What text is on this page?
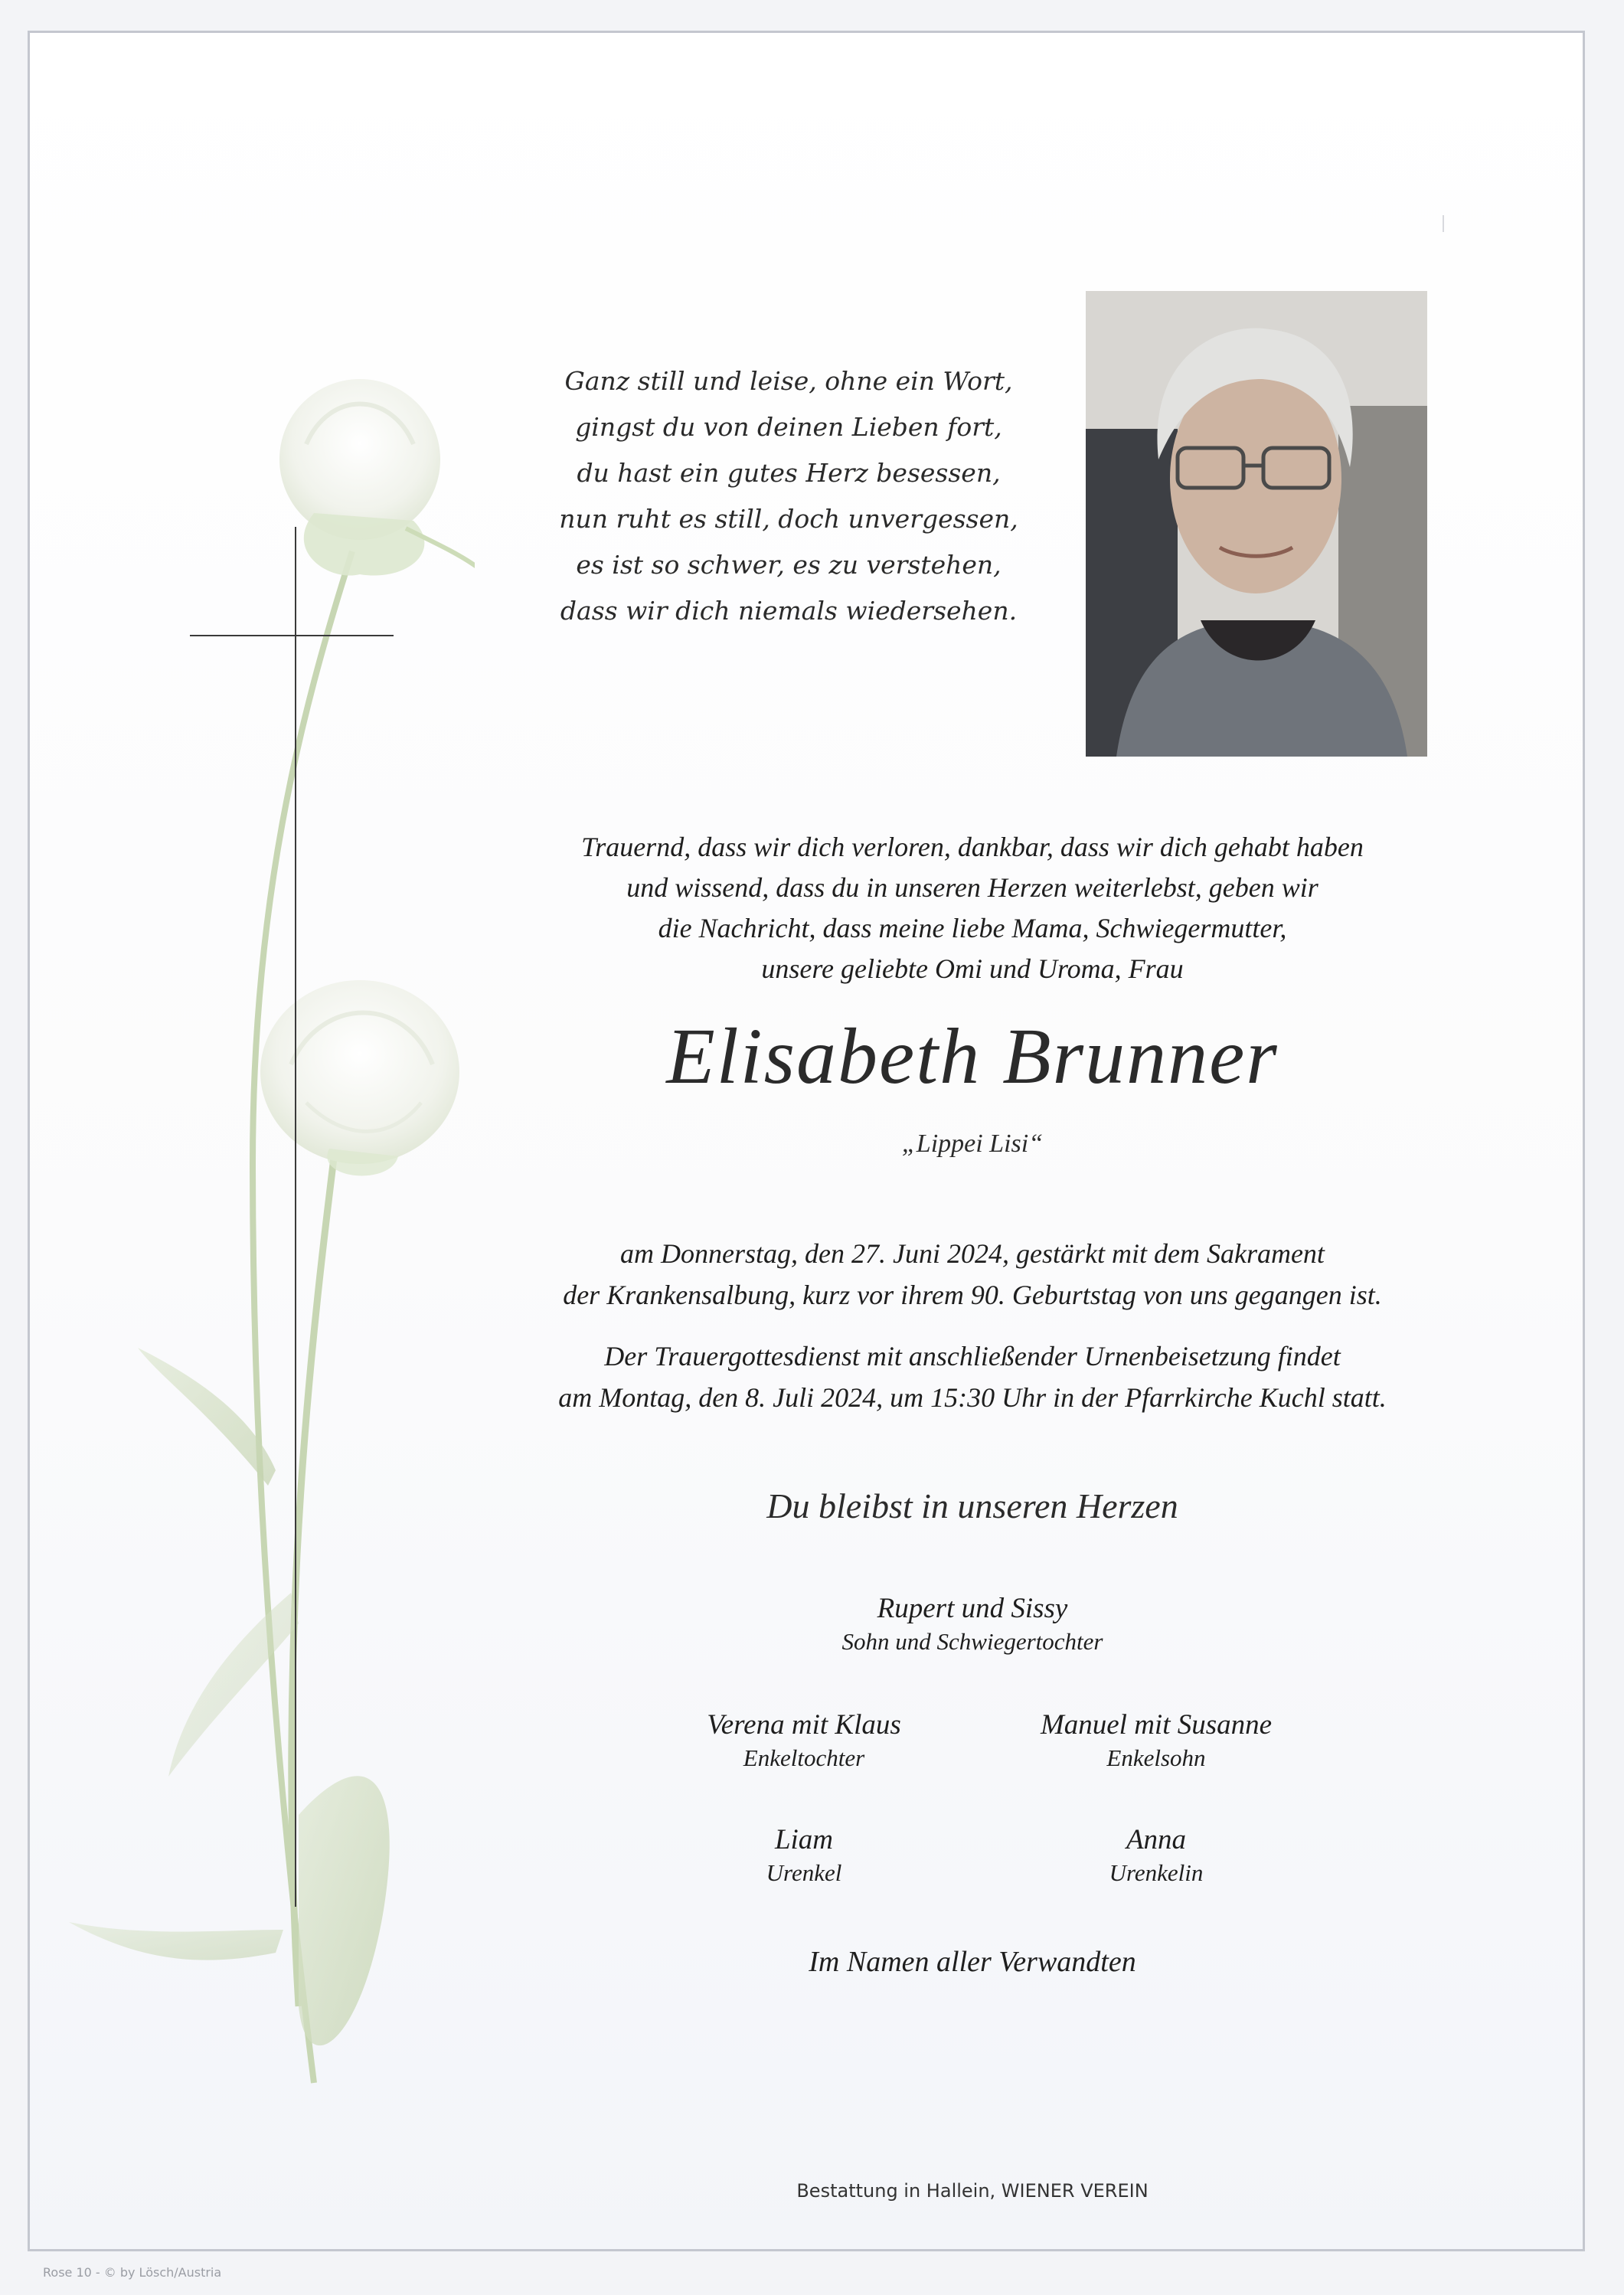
Ganz still und leise, ohne ein Wort,
gingst du von deinen Lieben fort,
du hast ein gutes Herz besessen,
nun ruht es still, doch unvergessen,
es ist so schwer, es zu verstehen,
dass wir dich niemals wiedersehen.
Trauernd, dass wir dich verloren, dankbar, dass wir dich gehabt haben
und wissend, dass du in unseren Herzen weiterlebst, geben wir
die Nachricht, dass meine liebe Mama, Schwiegermutter,
unsere geliebte Omi und Uroma, Frau
Elisabeth Brunner
„Lippei Lisi“
am Donnerstag, den 27. Juni 2024, gestärkt mit dem Sakrament
der Krankensalbung, kurz vor ihrem 90. Geburtstag von uns gegangen ist.
Der Trauergottesdienst mit anschließender Urnenbeisetzung findet
am Montag, den 8. Juli 2024, um 15:30 Uhr in der Pfarrkirche Kuchl statt.
Du bleibst in unseren Herzen
Rupert und Sissy
Sohn und Schwiegertochter
Verena mit Klaus
Enkeltochter
Manuel mit Susanne
Enkelsohn
Liam
Urenkel
Anna
Urenkelin
Im Namen aller Verwandten
Bestattung in Hallein, WIENER VEREIN
Rose 10 - © by Lösch/Austria
